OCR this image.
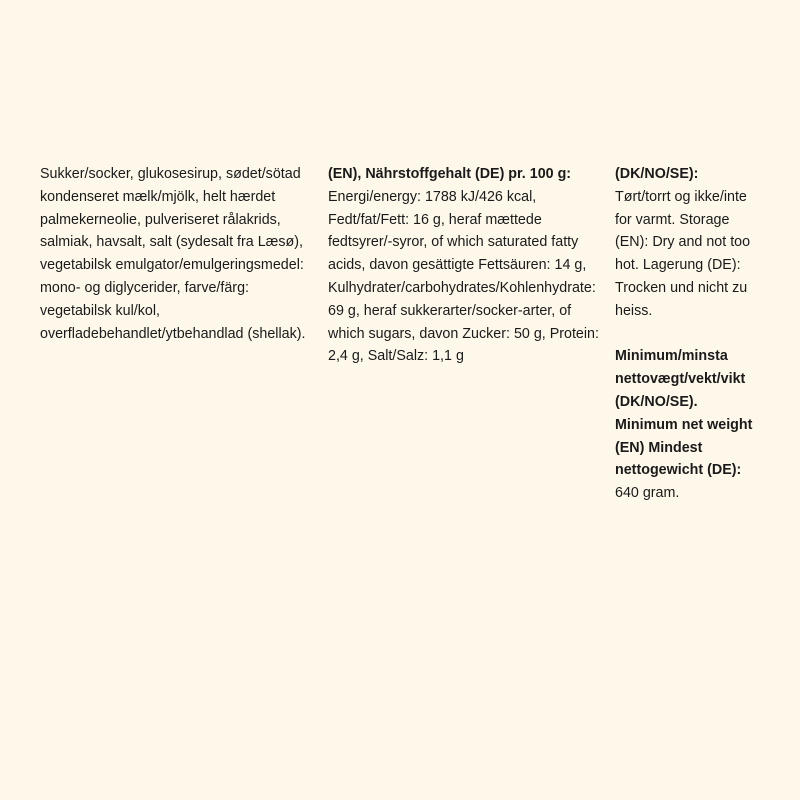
Sukker/socker, glukosesirup, sødet/sötad
kondenseret mælk/mjölk, helt hærdet
palmekerneolie, pulveriseret rålakrids,
salmiak, havsalt, salt (sydesalt fra Læsø),
vegetabilsk emulgator/emulgeringsmedel:
mono- og diglycerider, farve/färg:
vegetabilsk kul/kol,
overfladebehandlet/ytbehandlad (shellak).
(EN), Nährstoffgehalt (DE) pr. 100 g:
Energi/energy: 1788 kJ/426 kcal,
Fedt/fat/Fett: 16 g, heraf mættede
fedtsyrer/-syror, of which saturated fatty
acids, davon gesättigte Fettsäuren: 14 g,
Kulhydrater/carbohydrates/Kohlenhydrate:
69 g, heraf sukkerarter/socker-arter, of
which sugars, davon Zucker: 50 g, Protein:
2,4 g, Salt/Salz: 1,1 g
(DK/NO/SE):
Tørt/torrt og ikke/inte
for varmt. Storage
(EN): Dry and not too
hot. Lagerung (DE):
Trocken und nicht zu
heiss.
Minimum/minsta
nettovægt/vekt/vikt
(DK/NO/SE).
Minimum net weight
(EN) Mindest
nettogewicht (DE):
640 gram.
